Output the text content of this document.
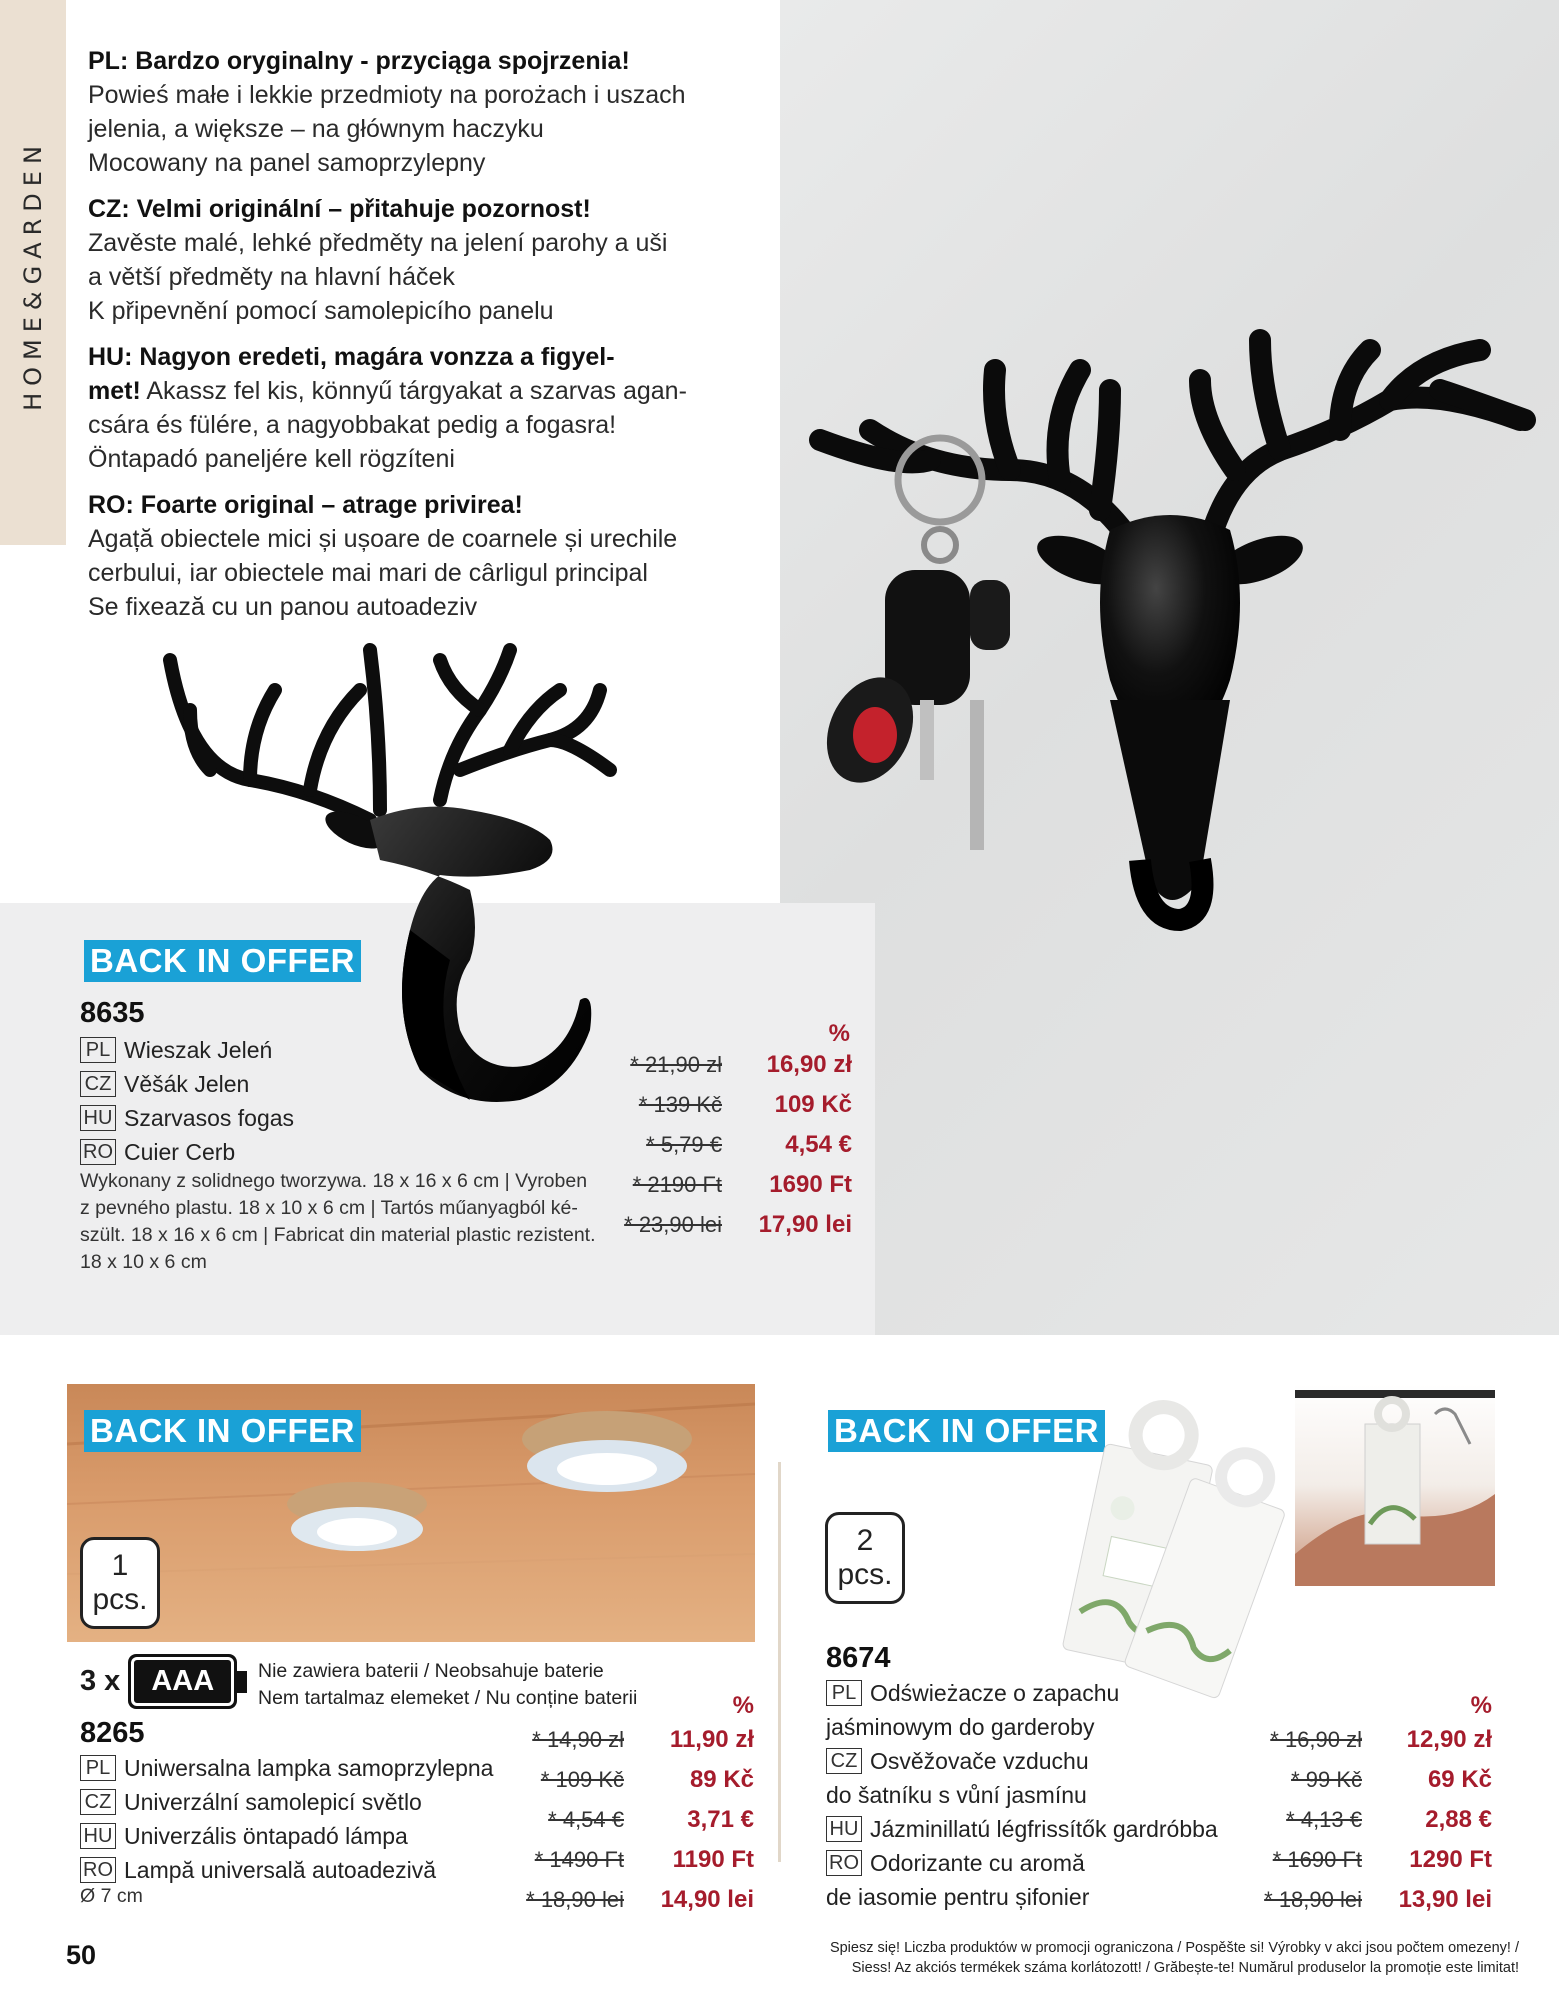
HOME&GARDEN

PL: Bardzo oryginalny - przyciąga spojrzenia!
Powieś małe i lekkie przedmioty na porożach i uszach
jelenia, a większe – na głównym haczyku
Mocowany na panel samoprzylepny

CZ: Velmi originální – přitahuje pozornost!
Zavěste malé, lehké předměty na jelení parohy a uši
a větší předměty na hlavní háček
K připevnění pomocí samolepicího panelu

HU: Nagyon eredeti, magára vonzza a figyel-
met! Akassz fel kis, könnyű tárgyakat a szarvas agan-
csára és fülére, a nagyobbakat pedig a fogasra!
Öntapadó paneljére kell rögzíteni

RO: Foarte original – atrage privirea!
Agață obiectele mici și ușoare de coarnele și urechile
cerbului, iar obiectele mai mari de cârligul principal
Se fixează cu un panou autoadeziv

BACK IN OFFER
8635
PL Wieszak Jeleń
CZ Věšák Jelen
HU Szarvasos fogas
RO Cuier Cerb
Wykonany z solidnego tworzywa. 18 x 16 x 6 cm | Vyroben
z pevného plastu. 18 x 10 x 6 cm | Tartós műanyagból ké-
szült. 18 x 16 x 6 cm | Fabricat din material plastic rezistent.
18 x 10 x 6 cm
%
* 21,90 zł	16,90 zł
* 139 Kč	109 Kč
* 5,79 €	4,54 €
* 2190 Ft	1690 Ft
* 23,90 lei	17,90 lei
BACK IN OFFER
1
pcs.
3 x	AAA	Nie zawiera baterii / Neobsahuje baterie
Nem tartalmaz elemeket / Nu conține baterii
8265
PL Uniwersalna lampka samoprzylepna
CZ Univerzální samolepicí světlo
HU Univerzális öntapadó lámpa
RO Lampă universală autoadezivă
Ø 7 cm
%
* 14,90 zł	11,90 zł
* 109 Kč	89 Kč
* 4,54 €	3,71 €
* 1490 Ft	1190 Ft
* 18,90 lei	14,90 lei
BACK IN OFFER
2
pcs.
8674
PL Odświeżacze o zapachu
jaśminowym do garderoby
CZ Osvěžovače vzduchu
do šatníku s vůní jasmínu
HU Jázminillatú légfrissítők gardróbba
RO Odorizante cu aromă
de iasomie pentru șifonier
%
* 16,90 zł	12,90 zł
* 99 Kč	69 Kč
* 4,13 €	2,88 €
* 1690 Ft	1290 Ft
* 18,90 lei	13,90 lei
50	Spiesz się! Liczba produktów w promocji ograniczona / Pospěšte si! Výrobky v akci jsou počtem omezeny! /
Siess! Az akciós termékek száma korlátozott! / Grăbește-te! Numărul produselor la promoție este limitat!
